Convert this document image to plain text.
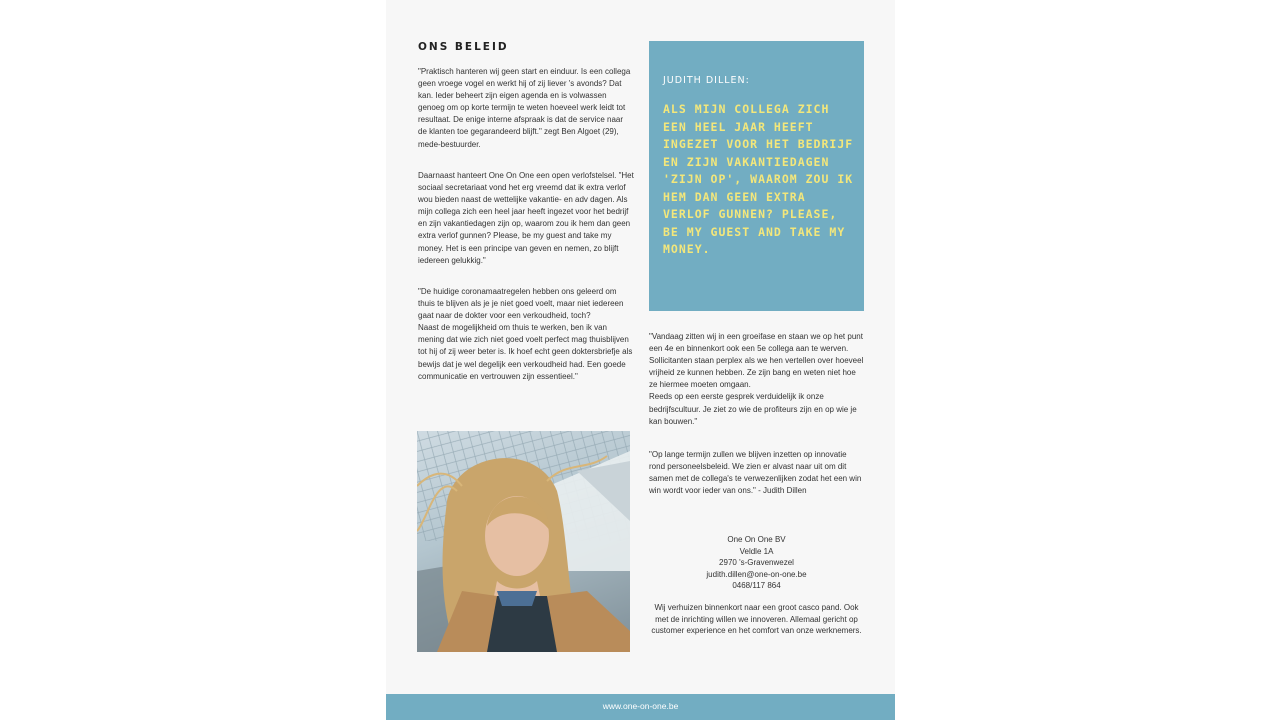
ONS BELEID

"Praktisch hanteren wij geen start en einduur. Is een collega geen vroege vogel en werkt hij of zij liever 's avonds? Dat kan. Ieder beheert zijn eigen agenda en is volwassen genoeg om op korte termijn te weten hoeveel werk leidt tot resultaat. De enige interne afspraak is dat de service naar de klanten toe gegarandeerd blijft." zegt Ben Algoet (29), mede-bestuurder.

Daarnaast hanteert One On One een open verlofstelsel. "Het sociaal secretariaat vond het erg vreemd dat ik extra verlof wou bieden naast de wettelijke vakantie- en adv dagen. Als mijn collega zich een heel jaar heeft ingezet voor het bedrijf en zijn vakantiedagen zijn op, waarom zou ik hem dan geen extra verlof gunnen? Please, be my guest and take my money. Het is een principe van geven en nemen, zo blijft iedereen gelukkig."

"De huidige coronamaatregelen hebben ons geleerd om thuis te blijven als je je niet goed voelt, maar niet iedereen gaat naar de dokter voor een verkoudheid, toch?

Naast de mogelijkheid om thuis te werken, ben ik van mening dat wie zich niet goed voelt perfect mag thuisblijven tot hij of zij weer beter is. Ik hoef echt geen doktersbriefje als bewijs dat je wel degelijk een verkoudheid had. Een goede communicatie en vertrouwen zijn essentieel."

JUDITH DILLEN:
ALS MIJN COLLEGA ZICH EEN HEEL JAAR HEEFT INGEZET VOOR HET BEDRIJF EN ZIJN VAKANTIEDAGEN 'ZIJN OP', WAAROM ZOU IK HEM DAN GEEN EXTRA VERLOF GUNNEN? PLEASE, BE MY GUEST AND TAKE MY MONEY.

"Vandaag zitten wij in een groeifase en staan we op het punt een 4e en binnenkort ook een 5e collega aan te werven. Sollicitanten staan perplex als we hen vertellen over hoeveel vrijheid ze kunnen hebben. Ze zijn bang en weten niet hoe ze hiermee moeten omgaan.

Reeds op een eerste gesprek verduidelijk ik onze bedrijfscultuur. Je ziet zo wie de profiteurs zijn en op wie je kan bouwen."

"Op lange termijn zullen we blijven inzetten op innovatie rond personeelsbeleid. We zien er alvast naar uit om dit samen met de collega's te verwezenlijken zodat het een win win wordt voor ieder van ons." - Judith Dillen

One On One BV
Veldle 1A
2970 's-Gravenwezel
judith.dillen@one-on-one.be
0468/117 864
Wij verhuizen binnenkort naar een groot casco pand. Ook met de inrichting willen we innoveren. Allemaal gericht op customer experience en het comfort van onze werknemers.
www.one-on-one.be
